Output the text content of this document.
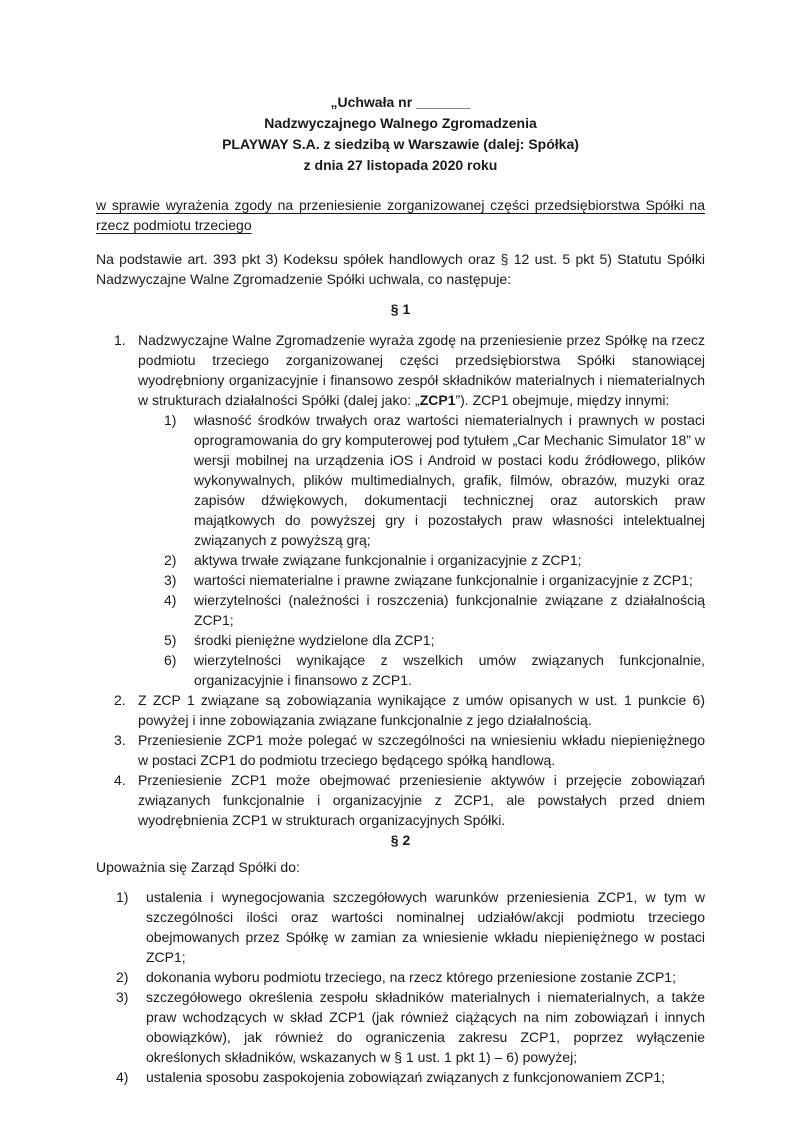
„Uchwała nr _______
Nadzwyczajnego Walnego Zgromadzenia
PLAYWAY S.A. z siedzibą w Warszawie (dalej: Spółka)
z dnia 27 listopada 2020 roku
w sprawie wyrażenia zgody na przeniesienie zorganizowanej części przedsiębiorstwa Spółki na rzecz podmiotu trzeciego
Na podstawie art. 393 pkt 3) Kodeksu spółek handlowych oraz § 12 ust. 5 pkt 5) Statutu Spółki Nadzwyczajne Walne Zgromadzenie Spółki uchwala, co następuje:
§ 1
1. Nadzwyczajne Walne Zgromadzenie wyraża zgodę na przeniesienie przez Spółkę na rzecz podmiotu trzeciego zorganizowanej części przedsiębiorstwa Spółki stanowiącej wyodrębniony organizacyjnie i finansowo zespół składników materialnych i niematerialnych w strukturach działalności Spółki (dalej jako: „ZCP1”). ZCP1 obejmuje, między innymi:
1) własność środków trwałych oraz wartości niematerialnych i prawnych w postaci oprogramowania do gry komputerowej pod tytułem „Car Mechanic Simulator 18” w wersji mobilnej na urządzenia iOS i Android w postaci kodu źródłowego, plików wykonywalnych, plików multimedialnych, grafik, filmów, obrazów, muzyki oraz zapisów dźwiękowych, dokumentacji technicznej oraz autorskich praw majątkowych do powyższej gry i pozostałych praw własności intelektualnej związanych z powyższą grą;
2) aktywa trwałe związane funkcjonalnie i organizacyjnie z ZCP1;
3) wartości niematerialne i prawne związane funkcjonalnie i organizacyjnie z ZCP1;
4) wierzytelności (należności i roszczenia) funkcjonalnie związane z działalnością ZCP1;
5) środki pieniężne wydzielone dla ZCP1;
6) wierzytelności wynikające z wszelkich umów związanych funkcjonalnie, organizacyjnie i finansowo z ZCP1.
2. Z ZCP 1 związane są zobowiązania wynikające z umów opisanych w ust. 1 punkcie 6) powyżej i inne zobowiązania związane funkcjonalnie z jego działalnością.
3. Przeniesienie ZCP1 może polegać w szczególności na wniesieniu wkładu niepieniężnego w postaci ZCP1 do podmiotu trzeciego będącego spółką handlową.
4. Przeniesienie ZCP1 może obejmować przeniesienie aktywów i przejęcie zobowiązań związanych funkcjonalnie i organizacyjnie z ZCP1, ale powstałych przed dniem wyodrębnienia ZCP1 w strukturach organizacyjnych Spółki.
§ 2
Upoważnia się Zarząd Spółki do:
1) ustalenia i wynegocjowania szczegółowych warunków przeniesienia ZCP1, w tym w szczególności ilości oraz wartości nominalnej udziałów/akcji podmiotu trzeciego obejmowanych przez Spółkę w zamian za wniesienie wkładu niepieniężnego w postaci ZCP1;
2) dokonania wyboru podmiotu trzeciego, na rzecz którego przeniesione zostanie ZCP1;
3) szczegółowego określenia zespołu składników materialnych i niematerialnych, a także praw wchodzących w skład ZCP1 (jak również ciążących na nim zobowiązań i innych obowiązków), jak również do ograniczenia zakresu ZCP1, poprzez wyłączenie określonych składników, wskazanych w § 1 ust. 1 pkt 1) – 6) powyżej;
4) ustalenia sposobu zaspokojenia zobowiązań związanych z funkcjonowaniem ZCP1;
